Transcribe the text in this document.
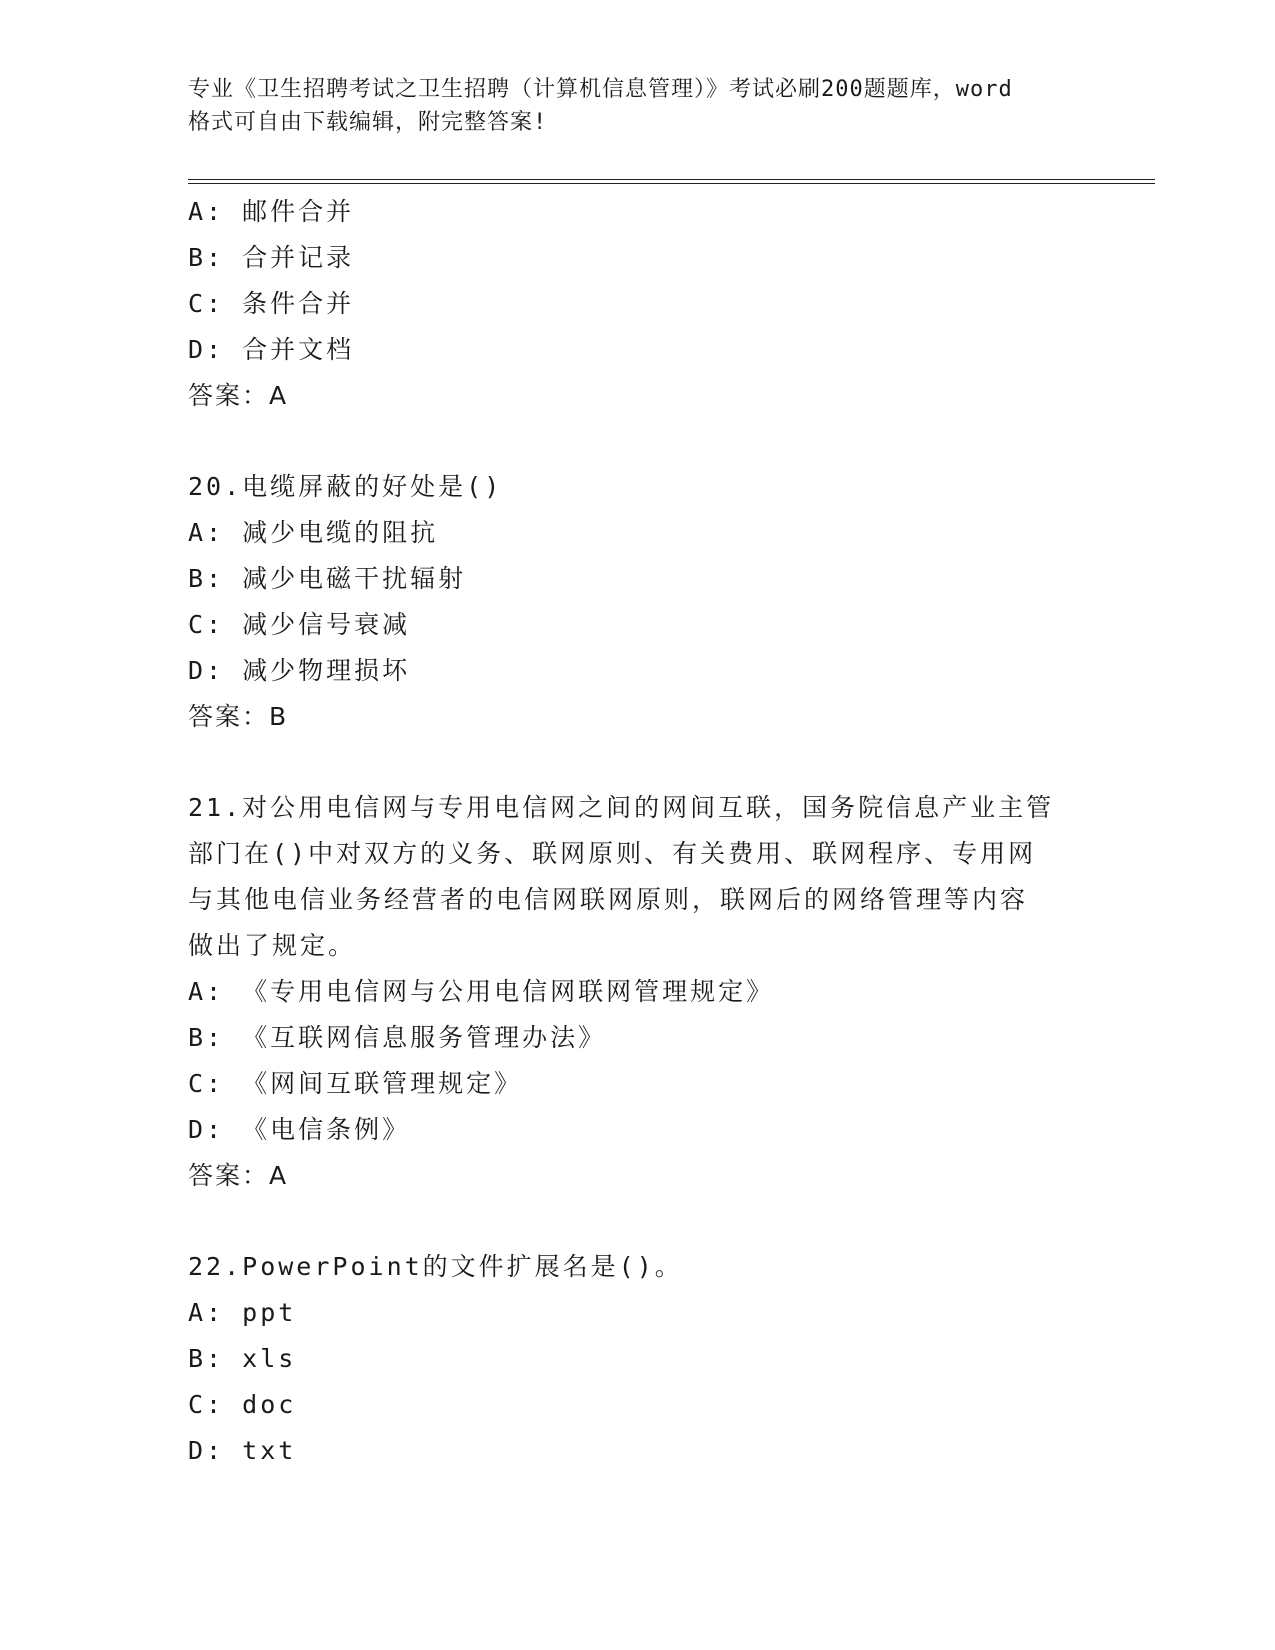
专业《卫生招聘考试之卫生招聘（计算机信息管理）》考试必刷200题题库，word
格式可自由下载编辑，附完整答案!
A: 邮件合并
B: 合并记录
C: 条件合并
D: 合并文档
答案：A
20.电缆屏蔽的好处是()
A: 减少电缆的阻抗
B: 减少电磁干扰辐射
C: 减少信号衰减
D: 减少物理损坏
答案：B
21.对公用电信网与专用电信网之间的网间互联，国务院信息产业主管
部门在()中对双方的义务、联网原则、有关费用、联网程序、专用网
与其他电信业务经营者的电信网联网原则，联网后的网络管理等内容
做出了规定。
A: 《专用电信网与公用电信网联网管理规定》
B: 《互联网信息服务管理办法》
C: 《网间互联管理规定》
D: 《电信条例》
答案：A
22.PowerPoint的文件扩展名是()。
A: ppt
B: xls
C: doc
D: txt
